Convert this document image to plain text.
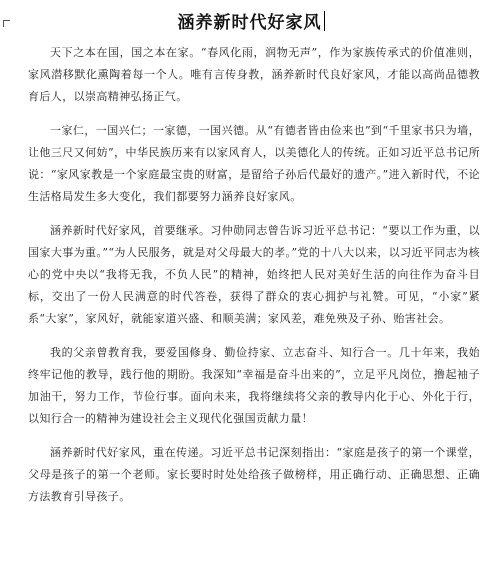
涵养新时代好家风

天下之本在国，国之本在家。“春风化雨，润物无声”，作为家族传承式的价值准则，家风潜移默化熏陶着每一个人。唯有言传身教，涵养新时代良好家风，才能以高尚品德教育后人，以崇高精神弘扬正气。

一家仁，一国兴仁；一家德，一国兴德。从“有德者皆由俭来也”到“千里家书只为墙，让他三尺又何妨”，中华民族历来有以家风育人，以美德化人的传统。正如习近平总书记所说：“家风家教是一个家庭最宝贵的财富，是留给子孙后代最好的遗产。”进入新时代，不论生活格局发生多大变化，我们都要努力涵养良好家风。

涵养新时代好家风，首要继承。习仲勋同志曾告诉习近平总书记：“要以工作为重，以国家大事为重。”“为人民服务，就是对父母最大的孝。”党的十八大以来，以习近平同志为核心的党中央以“我将无我，不负人民”的精神，始终把人民对美好生活的向往作为奋斗目标，交出了一份人民满意的时代答卷，获得了群众的衷心拥护与礼赞。可见，“小家”紧系“大家”，家风好，就能家道兴盛、和顺美满；家风差，难免殃及子孙、贻害社会。

我的父亲曾教育我，要爱国修身、勤俭持家、立志奋斗、知行合一。几十年来，我始终牢记他的教导，践行他的期盼。我深知“幸福是奋斗出来的”，立足平凡岗位，撸起袖子加油干，努力工作，节俭行事。面向未来，我将继续将父亲的教导内化于心、外化于行，以知行合一的精神为建设社会主义现代化强国贡献力量！

涵养新时代好家风，重在传递。习近平总书记深刻指出：“家庭是孩子的第一个课堂，父母是孩子的第一个老师。家长要时时处处给孩子做榜样，用正确行动、正确思想、正确方法教育引导孩子。
